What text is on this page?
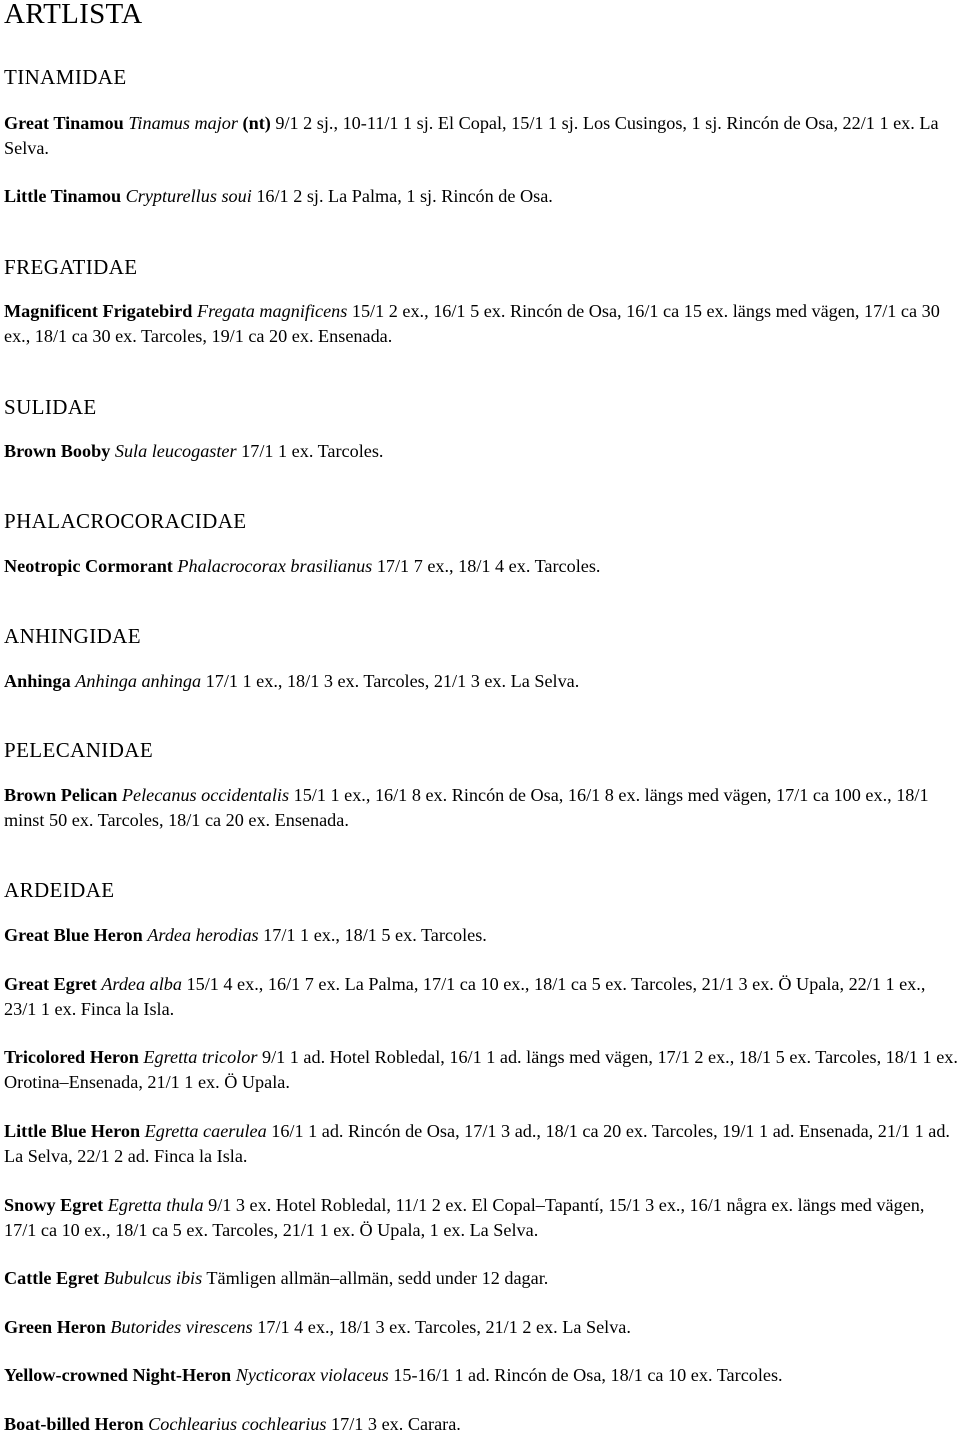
ARTLISTA
TINAMIDAE
Great Tinamou Tinamus major (nt) 9/1 2 sj., 10-11/1 1 sj. El Copal, 15/1 1 sj. Los Cusingos, 1 sj. Rincón de Osa, 22/1 1 ex. La Selva.
Little Tinamou Crypturellus soui 16/1 2 sj. La Palma, 1 sj. Rincón de Osa.
FREGATIDAE
Magnificent Frigatebird Fregata magnificens 15/1 2 ex., 16/1 5 ex. Rincón de Osa, 16/1 ca 15 ex. längs med vägen, 17/1 ca 30 ex., 18/1 ca 30 ex. Tarcoles, 19/1 ca 20 ex. Ensenada.
SULIDAE
Brown Booby Sula leucogaster 17/1 1 ex. Tarcoles.
PHALACROCORACIDAE
Neotropic Cormorant Phalacrocorax brasilianus 17/1 7 ex., 18/1 4 ex. Tarcoles.
ANHINGIDAE
Anhinga Anhinga anhinga 17/1 1 ex., 18/1 3 ex. Tarcoles, 21/1 3 ex. La Selva.
PELECANIDAE
Brown Pelican Pelecanus occidentalis 15/1 1 ex., 16/1 8 ex. Rincón de Osa, 16/1 8 ex. längs med vägen, 17/1 ca 100 ex., 18/1 minst 50 ex. Tarcoles, 18/1 ca 20 ex. Ensenada.
ARDEIDAE
Great Blue Heron Ardea herodias 17/1 1 ex., 18/1 5 ex. Tarcoles.
Great Egret Ardea alba 15/1 4 ex., 16/1 7 ex. La Palma, 17/1 ca 10 ex., 18/1 ca 5 ex. Tarcoles, 21/1 3 ex. Ö Upala, 22/1 1 ex., 23/1 1 ex. Finca la Isla.
Tricolored Heron Egretta tricolor 9/1 1 ad. Hotel Robledal, 16/1 1 ad. längs med vägen, 17/1 2 ex., 18/1 5 ex. Tarcoles, 18/1 1 ex. Orotina–Ensenada, 21/1 1 ex. Ö Upala.
Little Blue Heron Egretta caerulea 16/1 1 ad. Rincón de Osa, 17/1 3 ad., 18/1 ca 20 ex. Tarcoles, 19/1 1 ad. Ensenada, 21/1 1 ad. La Selva, 22/1 2 ad. Finca la Isla.
Snowy Egret Egretta thula 9/1 3 ex. Hotel Robledal, 11/1 2 ex. El Copal–Tapantí, 15/1 3 ex., 16/1 några ex. längs med vägen, 17/1 ca 10 ex., 18/1 ca 5 ex. Tarcoles, 21/1 1 ex. Ö Upala, 1 ex. La Selva.
Cattle Egret Bubulcus ibis Tämligen allmän–allmän, sedd under 12 dagar.
Green Heron Butorides virescens 17/1 4 ex., 18/1 3 ex. Tarcoles, 21/1 2 ex. La Selva.
Yellow-crowned Night-Heron Nycticorax violaceus 15-16/1 1 ad. Rincón de Osa, 18/1 ca 10 ex. Tarcoles.
Boat-billed Heron Cochlearius cochlearius 17/1 3 ex. Carara.
